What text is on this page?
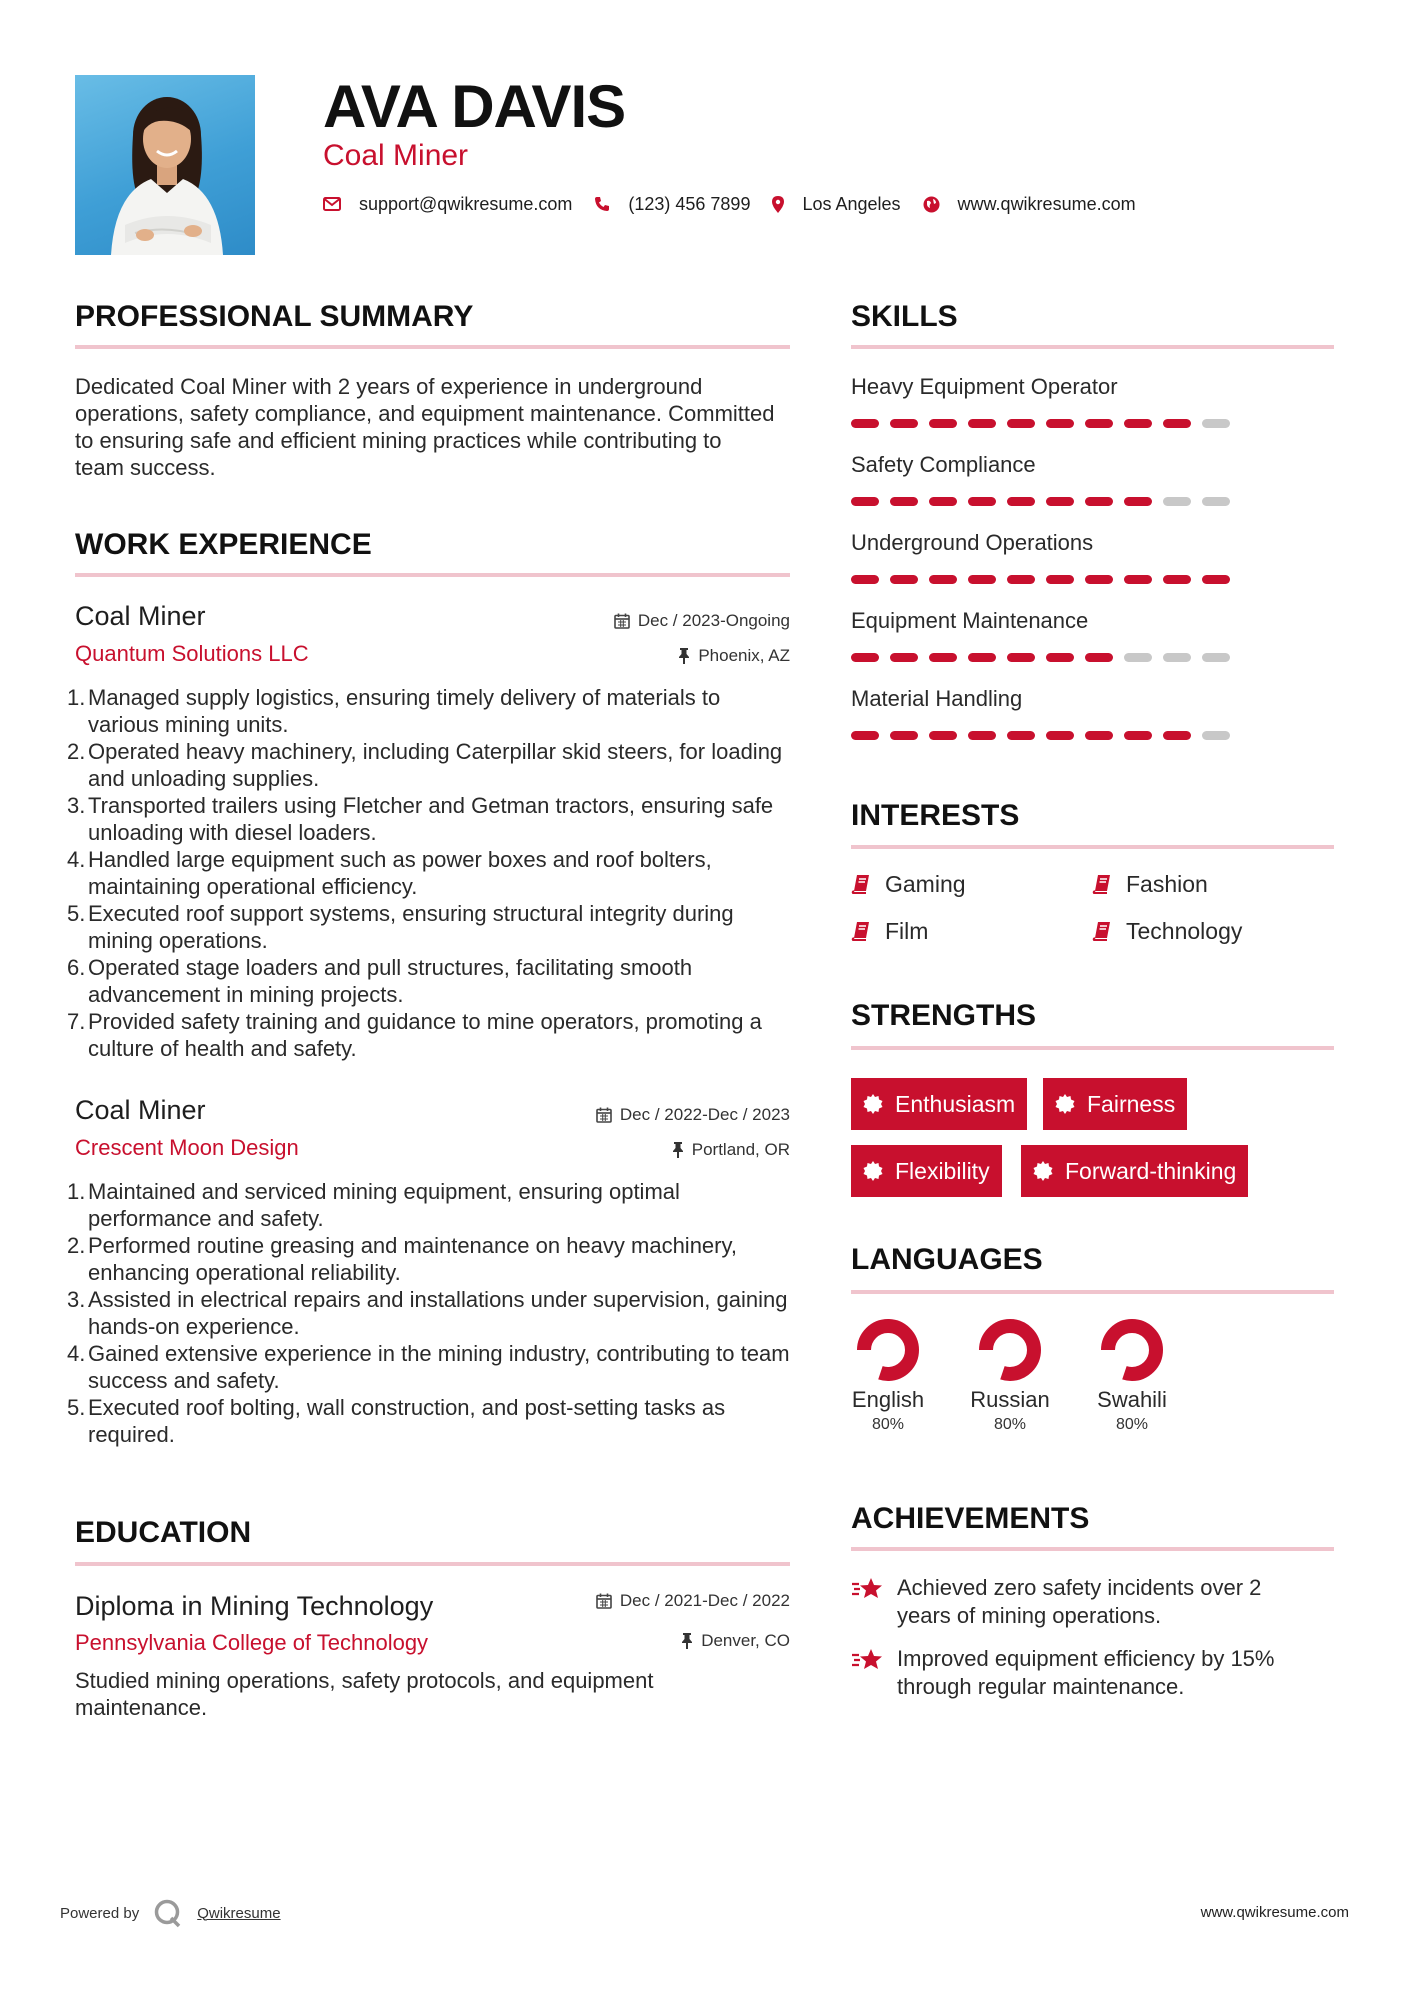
AVA DAVIS
Coal Miner
support@qwikresume.com	(123) 456 7899	Los Angeles	www.qwikresume.com
PROFESSIONAL SUMMARY
Dedicated Coal Miner with 2 years of experience in underground operations, safety compliance, and equipment maintenance. Committed to ensuring safe and efficient mining practices while contributing to team success.
WORK EXPERIENCE
Coal Miner
Quantum Solutions LLC
Dec / 2023-Ongoing
Phoenix, AZ
1. Managed supply logistics, ensuring timely delivery of materials to various mining units.
2. Operated heavy machinery, including Caterpillar skid steers, for loading and unloading supplies.
3. Transported trailers using Fletcher and Getman tractors, ensuring safe unloading with diesel loaders.
4. Handled large equipment such as power boxes and roof bolters, maintaining operational efficiency.
5. Executed roof support systems, ensuring structural integrity during mining operations.
6. Operated stage loaders and pull structures, facilitating smooth advancement in mining projects.
7. Provided safety training and guidance to mine operators, promoting a culture of health and safety.
Coal Miner
Crescent Moon Design
Dec / 2022-Dec / 2023
Portland, OR
1. Maintained and serviced mining equipment, ensuring optimal performance and safety.
2. Performed routine greasing and maintenance on heavy machinery, enhancing operational reliability.
3. Assisted in electrical repairs and installations under supervision, gaining hands-on experience.
4. Gained extensive experience in the mining industry, contributing to team success and safety.
5. Executed roof bolting, wall construction, and post-setting tasks as required.
EDUCATION
Diploma in Mining Technology
Pennsylvania College of Technology
Dec / 2021-Dec / 2022
Denver, CO
Studied mining operations, safety protocols, and equipment maintenance.
SKILLS
Heavy Equipment Operator
Safety Compliance
Underground Operations
Equipment Maintenance
Material Handling
INTERESTS
Gaming	Fashion
Film	Technology
STRENGTHS
Enthusiasm	Fairness
Flexibility	Forward-thinking
LANGUAGES
English
80%
Russian
80%
Swahili
80%
ACHIEVEMENTS
Achieved zero safety incidents over 2 years of mining operations.
Improved equipment efficiency by 15% through regular maintenance.
Powered by	Qwikresume	www.qwikresume.com
